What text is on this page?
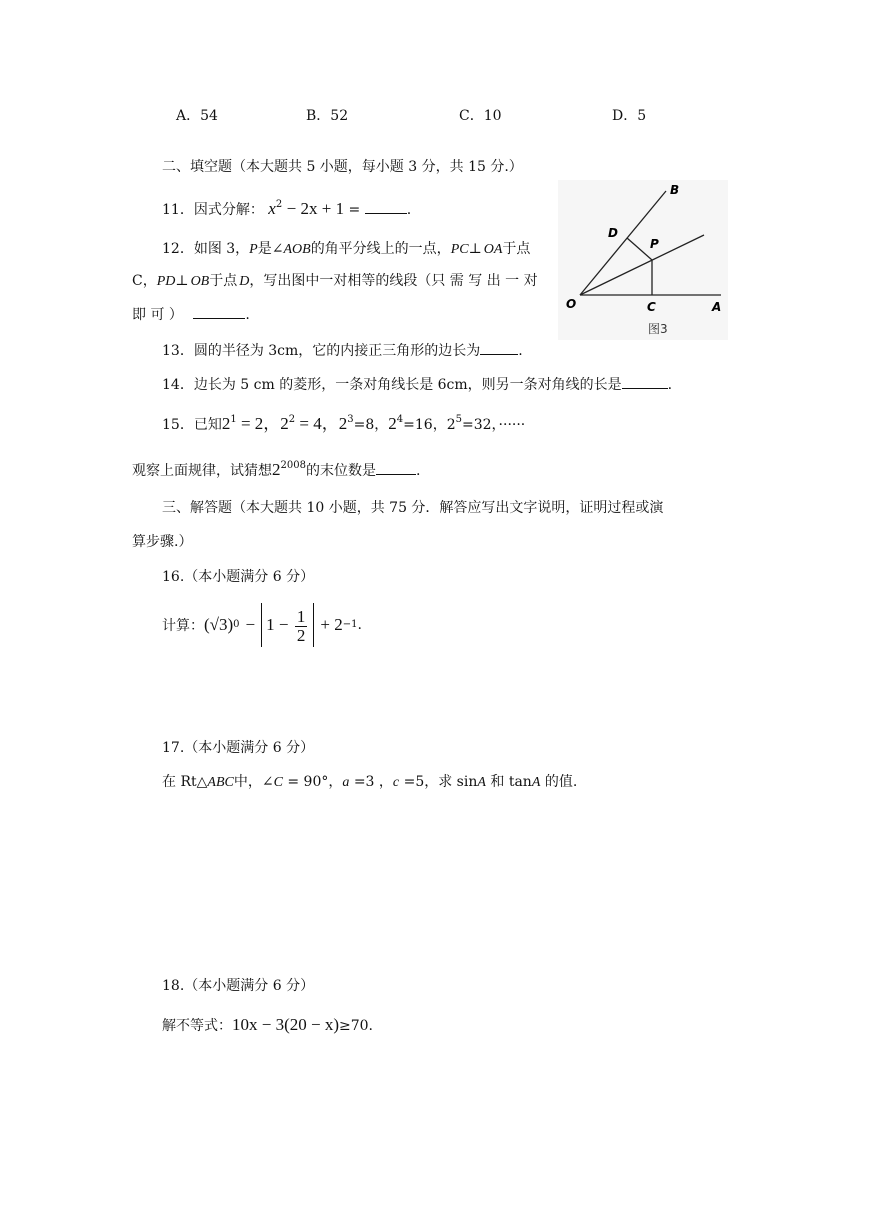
A．54	B．52	C．10	D．5
二、填空题（本大题共 5 小题，每小题 3 分，共 15 分.）
11．因式分解： $x^2 - 2x + 1$ =	.
12．如图 3，P是∠AOB的角平分线上的一点，PC⊥ OA于点
C，PD⊥ OB于点 D，写出图中一对相等的线段（只 需 写 出 一 对
即 可 ）	.
B
D
P
O	C	A
图3
13．圆的半径为 3cm，它的内接正三角形的边长为	.
14．边长为 5 cm 的菱形，一条对角线长是 6cm，则另一条对角线的长是	.
15．已知$2^1 = 2$，$2^2 = 4$，$2^3=8$，$2^4=16$，$2^5=32$，······
观察上面规律，试猜想$2^{2008}$的末位数是	.
三、解答题（本大题共 10 小题，共 75 分．解答应写出文字说明，证明过程或演
算步骤.）
16.（本小题满分 6 分）
计算： (√3) $0 - 1 - \frac{1}{2} + 2 -1$ .
17.（本小题满分 6 分）
在 Rt△ABC中，∠C = 90°，a =3 ，c =5，求 sinA 和 tanA 的值.
18.（本小题满分 6 分）
解不等式：10x − 3(20 − x)≥70.
